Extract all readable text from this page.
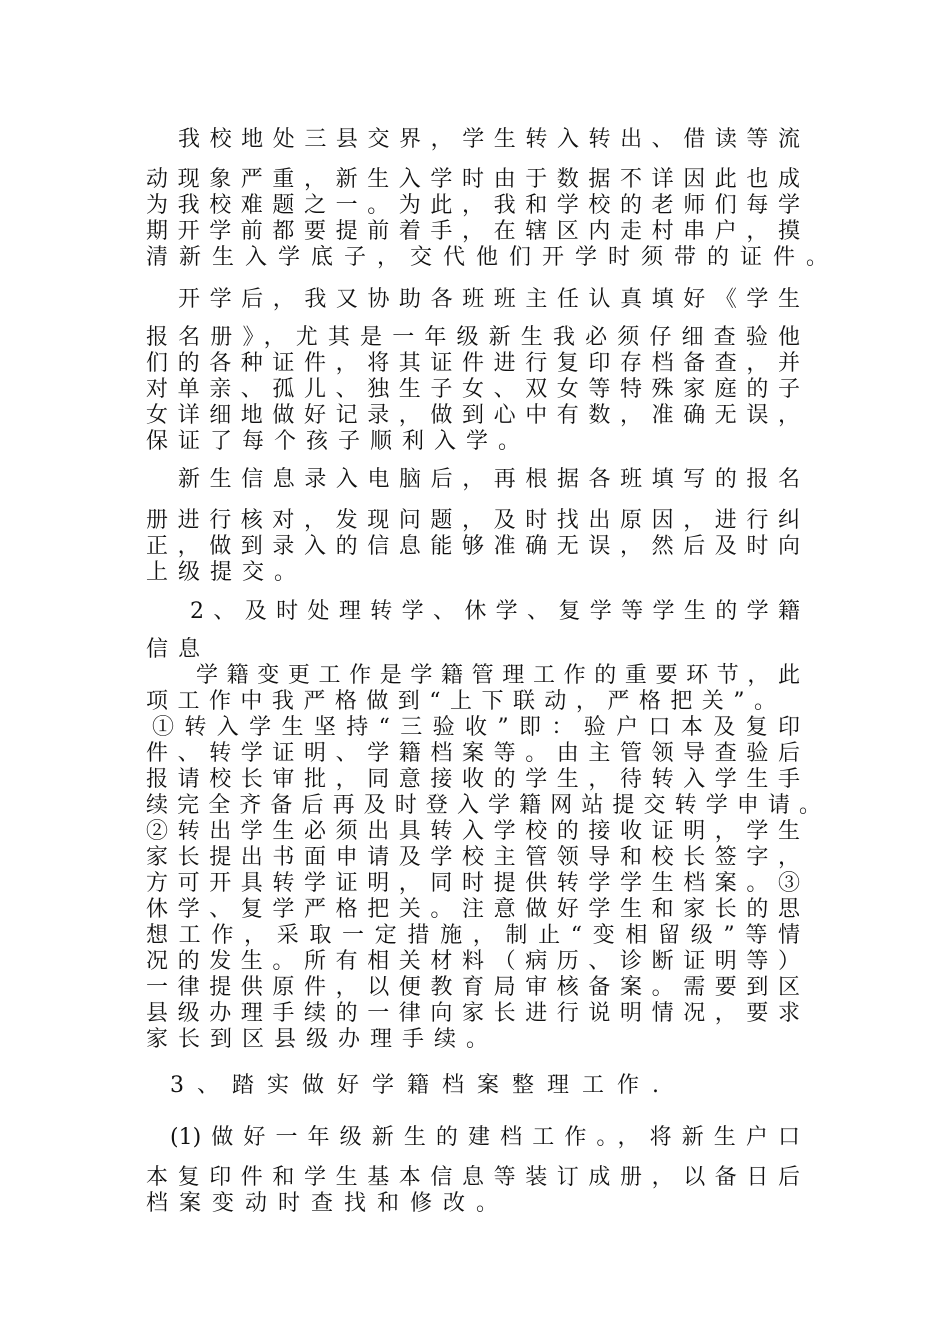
我校地处三县交界，学生转入转出、借读等流
动现象严重，新生入学时由于数据不详因此也成
为我校难题之一。为此，我和学校的老师们每学
期开学前都要提前着手，在辖区内走村串户，摸
清新生入学底子，交代他们开学时须带的证件。
开学后，我又协助各班班主任认真填好《学生
报名册》，尤其是一年级新生我必须仔细查验他
们的各种证件，将其证件进行复印存档备查，并
对单亲、孤儿、独生子女、双女等特殊家庭的子
女详细地做好记录，做到心中有数，准确无误，
保证了每个孩子顺利入学。
新生信息录入电脑后，再根据各班填写的报名
册进行核对，发现问题，及时找出原因，进行纠
正，做到录入的信息能够准确无误，然后及时向
上级提交。
2、及时处理转学、休学、复学等学生的学籍
信息
学籍变更工作是学籍管理工作的重要环节，此
项工作中我严格做到“上下联动，严格把关”。
①转入学生坚持“三验收”即：验户口本及复印
件、转学证明、学籍档案等。由主管领导查验后
报请校长审批，同意接收的学生，待转入学生手
续完全齐备后再及时登入学籍网站提交转学申请。
②转出学生必须出具转入学校的接收证明，学生
家长提出书面申请及学校主管领导和校长签字，
方可开具转学证明，同时提供转学学生档案。③
休学、复学严格把关。注意做好学生和家长的思
想工作，采取一定措施，制止“变相留级”等情
况的发生。所有相关材料（病历、诊断证明等）
一律提供原件，以便教育局审核备案。需要到区
县级办理手续的一律向家长进行说明情况，要求
家长到区县级办理手续。
3、踏实做好学籍档案整理工作.
(1)做好一年级新生的建档工作。，将新生户口
本复印件和学生基本信息等装订成册，以备日后
档案变动时查找和修改。
